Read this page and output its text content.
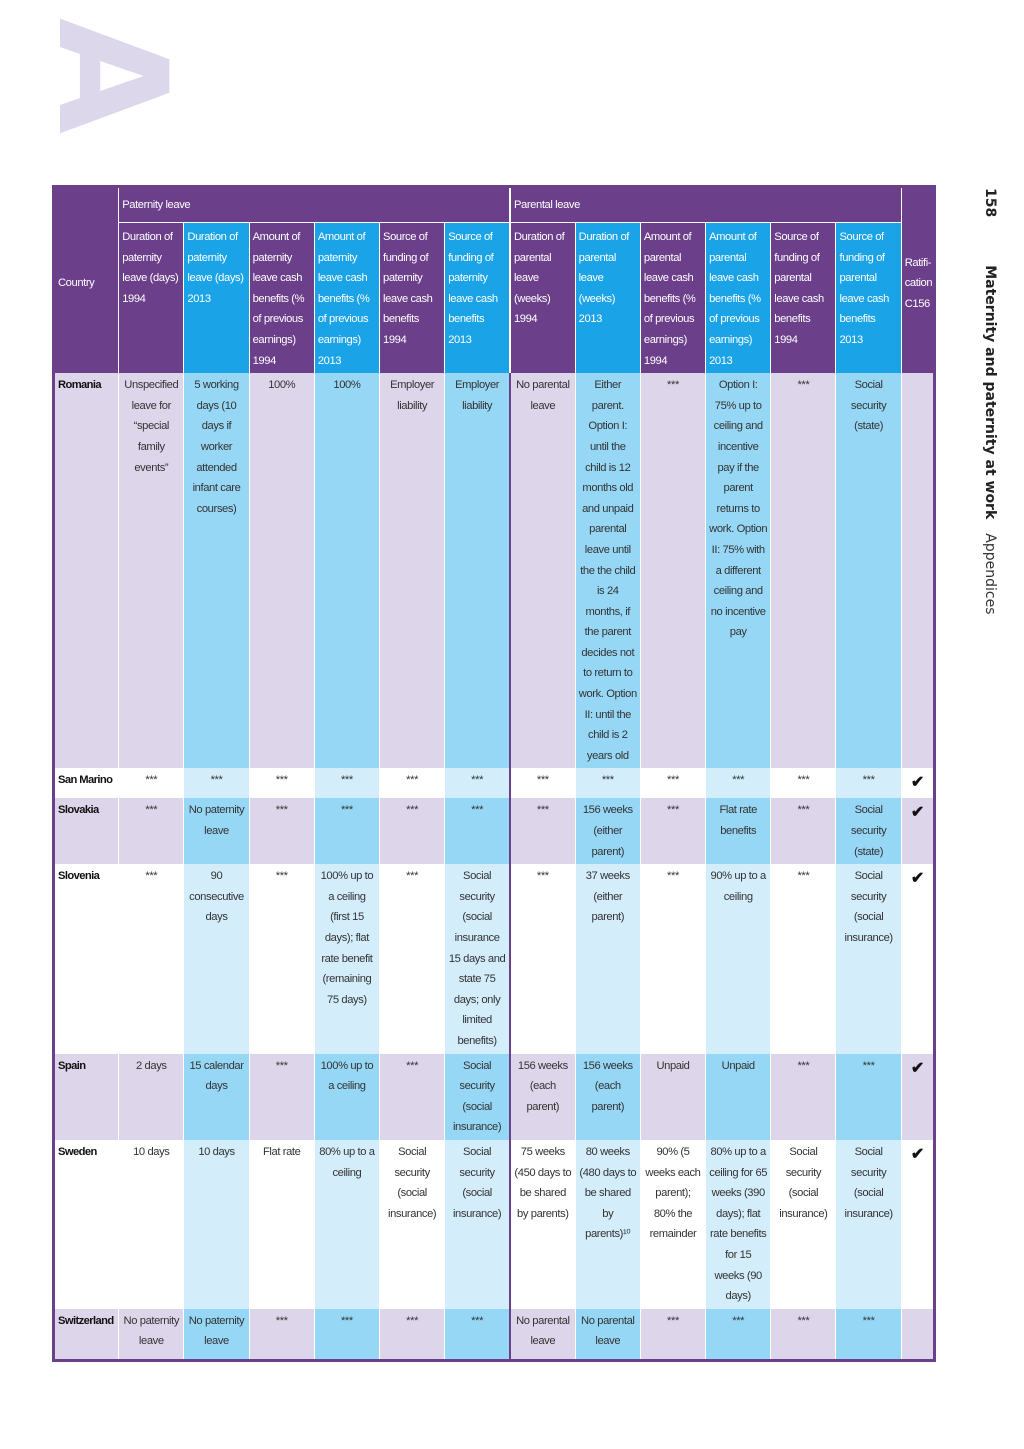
A
158Maternity and paternity at workAppendices
Country	Paternity leave						Parental leave						Ratifi-cation C156
	Duration of paternity leave (days) 1994	Duration of paternity leave (days) 2013	Amount of paternity leave cash benefits (% of previous earnings) 1994	Amount of paternity leave cash benefits (% of previous earnings) 2013	Source of funding of paternity leave cash benefits 1994	Source of funding of paternity leave cash benefits 2013	Duration of parental leave (weeks) 1994	Duration of parental leave (weeks) 2013	Amount of parental leave cash benefits (% of previous earnings) 1994	Amount of parental leave cash benefits (% of previous earnings) 2013	Source of funding of parental leave cash benefits 1994	Source of funding of parental leave cash benefits 2013	
Romania	Unspecified leave for “special family events”	5 working days (10 days if worker attended infant care courses)	100%	100%	Employer liability	Employer liability	No parental leave	Either parent. Option I: until the child is 12 months old and unpaid parental leave until the the child is 24 months, if the parent decides not to return to work. Option II: until the child is 2 years old	***	Option I: 75% up to ceiling and incentive pay if the parent returns to work. Option II: 75% with a different ceiling and no incentive pay	***	Social security (state)	
San Marino	***	***	***	***	***	***	***	***	***	***	***	***	✔
Slovakia	***	No paternity leave	***	***	***	***	***	156 weeks (either parent)	***	Flat rate benefits	***	Social security (state)	✔
Slovenia	***	90 consecutive days	***	100% up to a ceiling (first 15 days); flat rate benefit (remaining 75 days)	***	Social security (social insurance 15 days and state 75 days; only limited benefits)	***	37 weeks (either parent)	***	90% up to a ceiling	***	Social security (social insurance)	✔
Spain	2 days	15 calendar days	***	100% up to a ceiling	***	Social security (social insurance)	156 weeks (each parent)	156 weeks (each parent)	Unpaid	Unpaid	***	***	✔
Sweden	10 days	10 days	Flat rate	80% up to a ceiling	Social security (social insurance)	Social security (social insurance)	75 weeks (450 days to be shared by parents)	80 weeks (480 days to be shared by parents)¹⁰	90% (5 weeks each parent); 80% the remainder	80% up to a ceiling for 65 weeks (390 days); flat rate benefits for 15 weeks (90 days)	Social security (social insurance)	Social security (social insurance)	✔
Switzerland	No paternity leave	No paternity leave	***	***	***	***	No parental leave	No parental leave	***	***	***	***	
